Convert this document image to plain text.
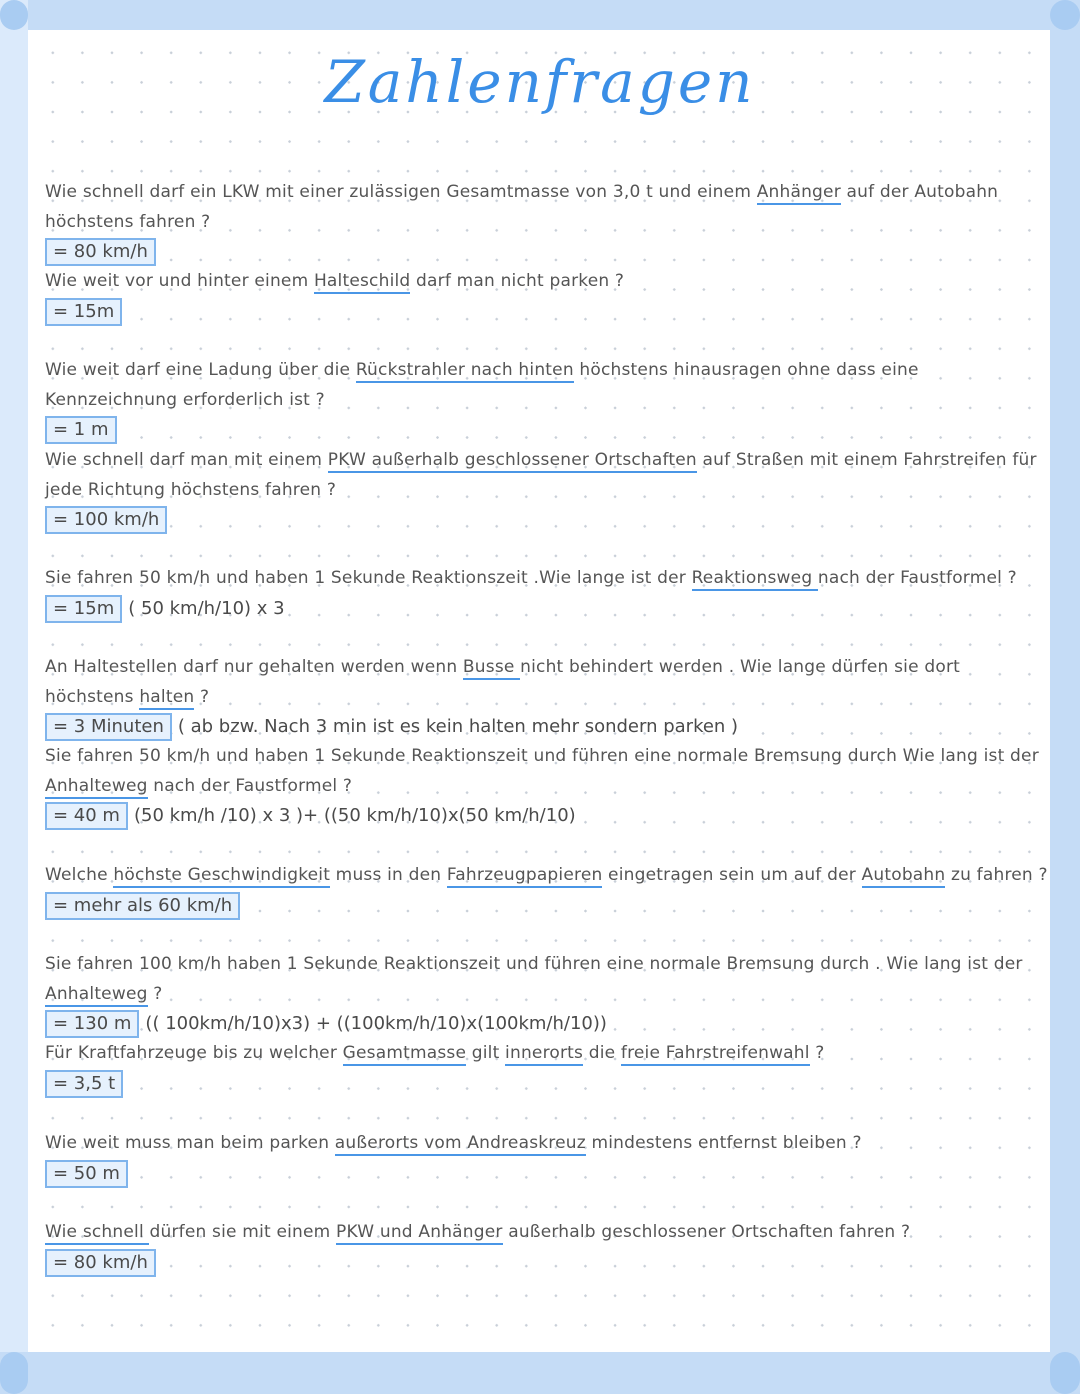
Zahlenfragen
Wie schnell darf ein LKW mit einer zulässigen Gesamtmasse von 3,0 t und einem Anhänger auf der Autobahn höchstens fahren ?
= 80 km/h
Wie weit vor und hinter einem Halteschild darf man nicht parken ?
= 15m
Wie weit darf eine Ladung über die Rückstrahler nach hinten höchstens hinausragen ohne dass eine Kennzeichnung erforderlich ist ?
= 1 m
Wie schnell darf man mit einem PKW außerhalb geschlossener Ortschaften auf Straßen mit einem Fahrstreifen für jede Richtung höchstens fahren ?
= 100 km/h
Sie fahren 50 km/h und haben 1 Sekunde Reaktionszeit .Wie lange ist der Reaktionsweg nach der Faustformel ?
= 15m ( 50 km/h/10) x 3
An Haltestellen darf nur gehalten werden wenn Busse nicht behindert werden . Wie lange dürfen sie dort höchstens halten ?
= 3 Minuten ( ab bzw. Nach 3 min ist es kein halten mehr sondern parken )
Sie fahren 50 km/h und haben 1 Sekunde Reaktionszeit und führen eine normale Bremsung durch Wie lang ist der Anhalteweg nach der Faustformel ?
= 40 m (50 km/h /10) x 3 )+ ((50 km/h/10)x(50 km/h/10)
Welche höchste Geschwindigkeit muss in den Fahrzeugpapieren eingetragen sein um auf der Autobahn zu fahren ?
= mehr als 60 km/h
Sie fahren 100 km/h haben 1 Sekunde Reaktionszeit und führen eine normale Bremsung durch . Wie lang ist der Anhalteweg ?
= 130 m (( 100km/h/10)x3) + ((100km/h/10)x(100km/h/10))
Für Kraftfahrzeuge bis zu welcher Gesamtmasse gilt innerorts die freie Fahrstreifenwahl ?
= 3,5 t
Wie weit muss man beim parken außerorts vom Andreaskreuz mindestens entfernst bleiben ?
= 50 m
Wie schnell dürfen sie mit einem PKW und Anhänger außerhalb geschlossener Ortschaften fahren ?
= 80 km/h
